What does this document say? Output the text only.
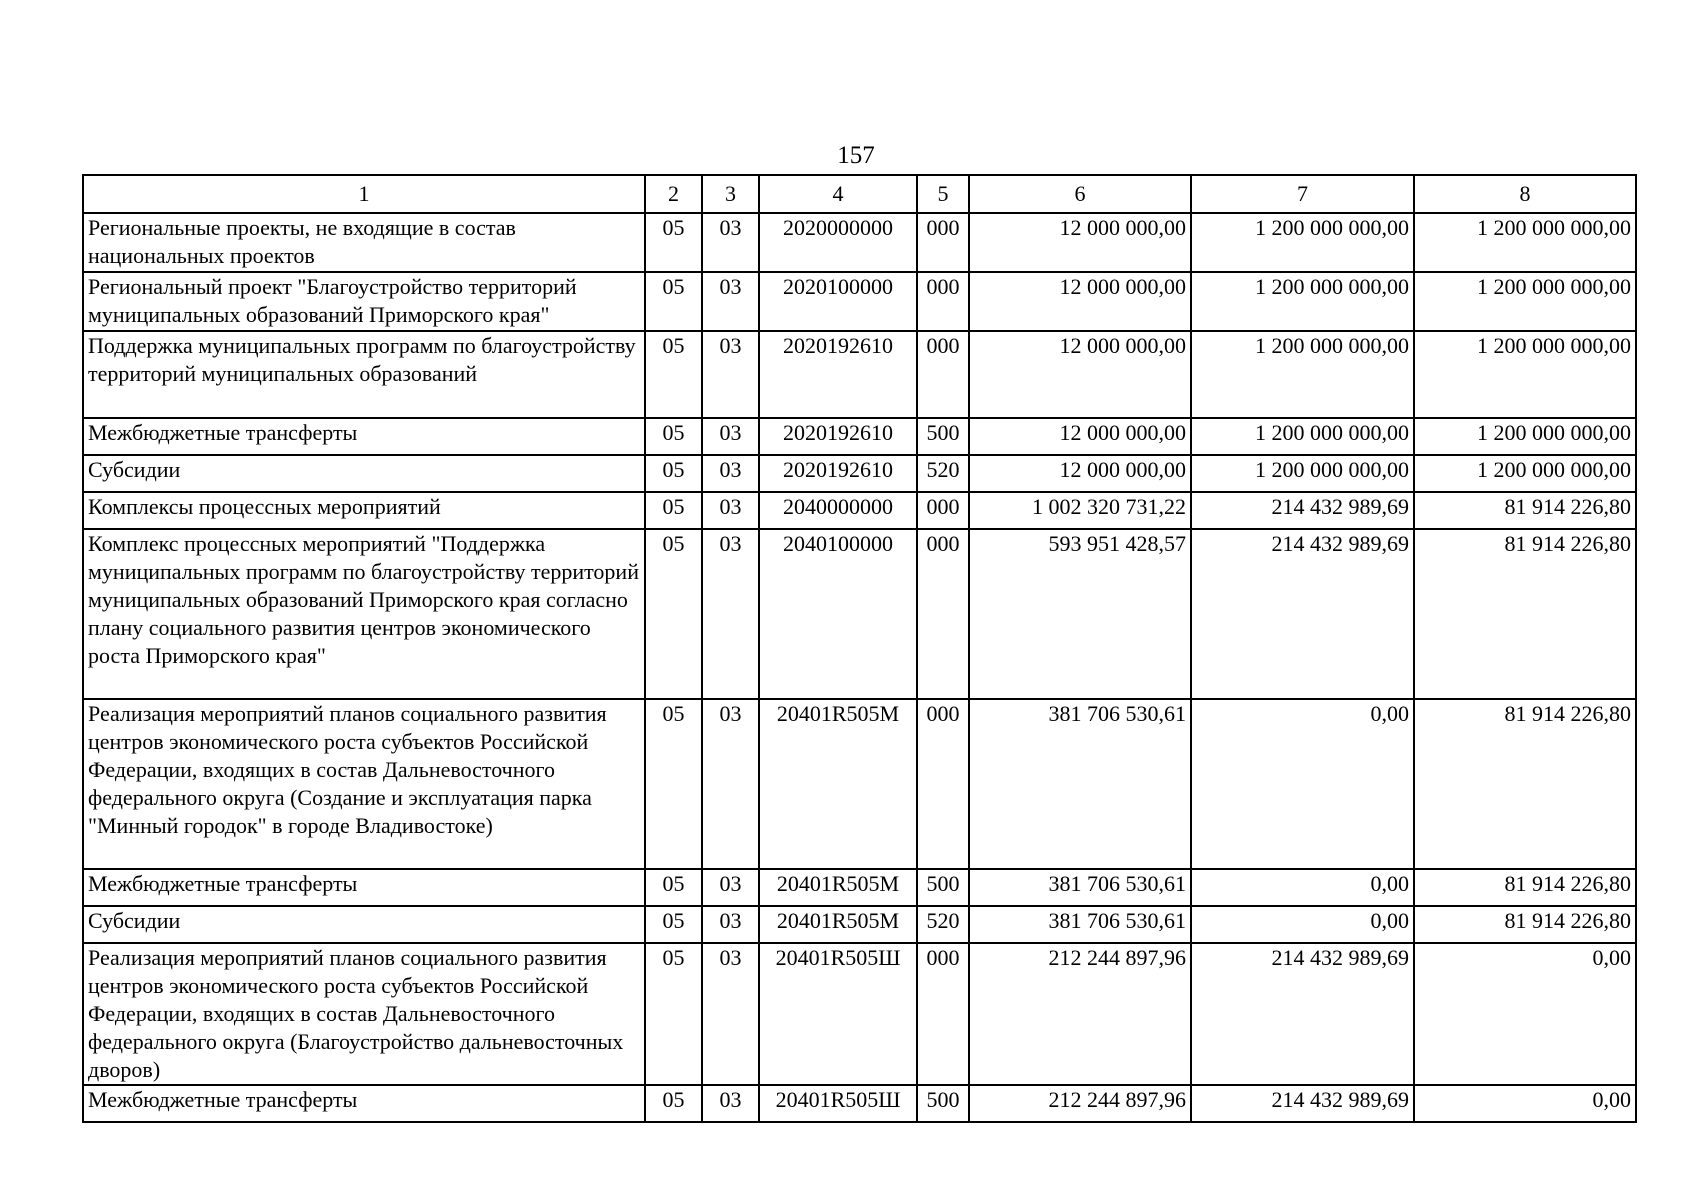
157
1	2	3	4	5	6	7	8
Региональные проекты, не входящие в состав национальных проектов	05	03	2020000000	000	12 000 000,00	1 200 000 000,00	1 200 000 000,00
Региональный проект "Благоустройство территорий муниципальных образований Приморского края"	05	03	2020100000	000	12 000 000,00	1 200 000 000,00	1 200 000 000,00
Поддержка муниципальных программ по благоустройству территорий муниципальных образований	05	03	2020192610	000	12 000 000,00	1 200 000 000,00	1 200 000 000,00
Межбюджетные трансферты	05	03	2020192610	500	12 000 000,00	1 200 000 000,00	1 200 000 000,00
Субсидии	05	03	2020192610	520	12 000 000,00	1 200 000 000,00	1 200 000 000,00
Комплексы процессных мероприятий	05	03	2040000000	000	1 002 320 731,22	214 432 989,69	81 914 226,80
Комплекс процессных мероприятий "Поддержка муниципальных программ по благоустройству территорий муниципальных образований Приморского края согласно плану социального развития центров экономического роста Приморского края"	05	03	2040100000	000	593 951 428,57	214 432 989,69	81 914 226,80
Реализация мероприятий планов социального развития центров экономического роста субъектов Российской Федерации, входящих в состав Дальневосточного федерального округа (Создание и эксплуатация парка "Минный городок" в городе Владивостоке)	05	03	20401R505M	000	381 706 530,61	0,00	81 914 226,80
Межбюджетные трансферты	05	03	20401R505M	500	381 706 530,61	0,00	81 914 226,80
Субсидии	05	03	20401R505M	520	381 706 530,61	0,00	81 914 226,80
Реализация мероприятий планов социального развития центров экономического роста субъектов Российской Федерации, входящих в состав Дальневосточного федерального округа (Благоустройство дальневосточных дворов)	05	03	20401R505Ш	000	212 244 897,96	214 432 989,69	0,00
Межбюджетные трансферты	05	03	20401R505Ш	500	212 244 897,96	214 432 989,69	0,00
